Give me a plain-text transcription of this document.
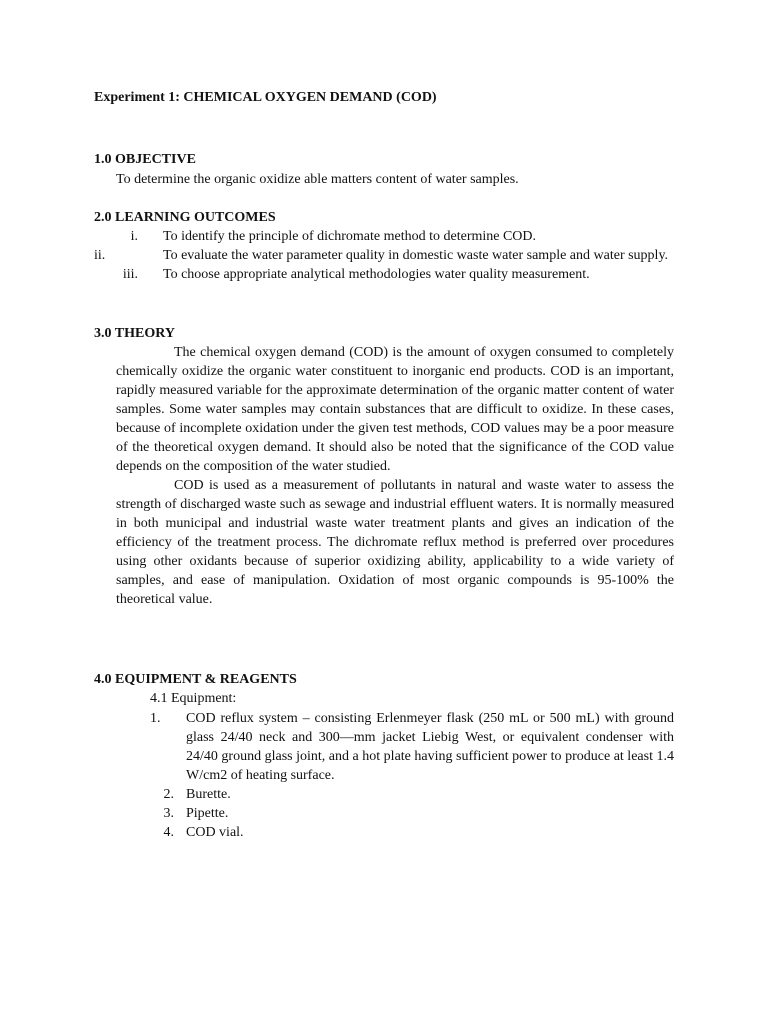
Experiment 1: CHEMICAL OXYGEN DEMAND (COD)
1.0 OBJECTIVE
To determine the organic oxidize able matters content of water samples.
2.0 LEARNING OUTCOMES
i. To identify the principle of dichromate method to determine COD.
ii.	To evaluate the water parameter quality in domestic waste water sample and water supply.
iii. To choose appropriate analytical methodologies water quality measurement.
3.0 THEORY

The chemical oxygen demand (COD) is the amount of oxygen consumed to completely chemically oxidize the organic water constituent to inorganic end products. COD is an important, rapidly measured variable for the approximate determination of the organic matter content of water samples. Some water samples may contain substances that are difficult to oxidize. In these cases, because of incomplete oxidation under the given test methods, COD values may be a poor measure of the theoretical oxygen demand. It should also be noted that the significance of the COD value depends on the composition of the water studied.

COD is used as a measurement of pollutants in natural and waste water to assess the strength of discharged waste such as sewage and industrial effluent waters. It is normally measured in both municipal and industrial waste water treatment plants and gives an indication of the efficiency of the treatment process. The dichromate reflux method is preferred over procedures using other oxidants because of superior oxidizing ability, applicability to a wide variety of samples, and ease of manipulation. Oxidation of most organic compounds is 95-100% the theoretical value.

4.0 EQUIPMENT & REAGENTS
4.1 Equipment:
1.	COD reflux system – consisting Erlenmeyer flask (250 mL or 500 mL) with ground glass 24/40 neck and 300—mm jacket Liebig West, or equivalent condenser with 24/40 ground glass joint, and a hot plate having sufficient power to produce at least 1.4 W/cm2 of heating surface.
2. Burette.
3. Pipette.
4. COD vial.
